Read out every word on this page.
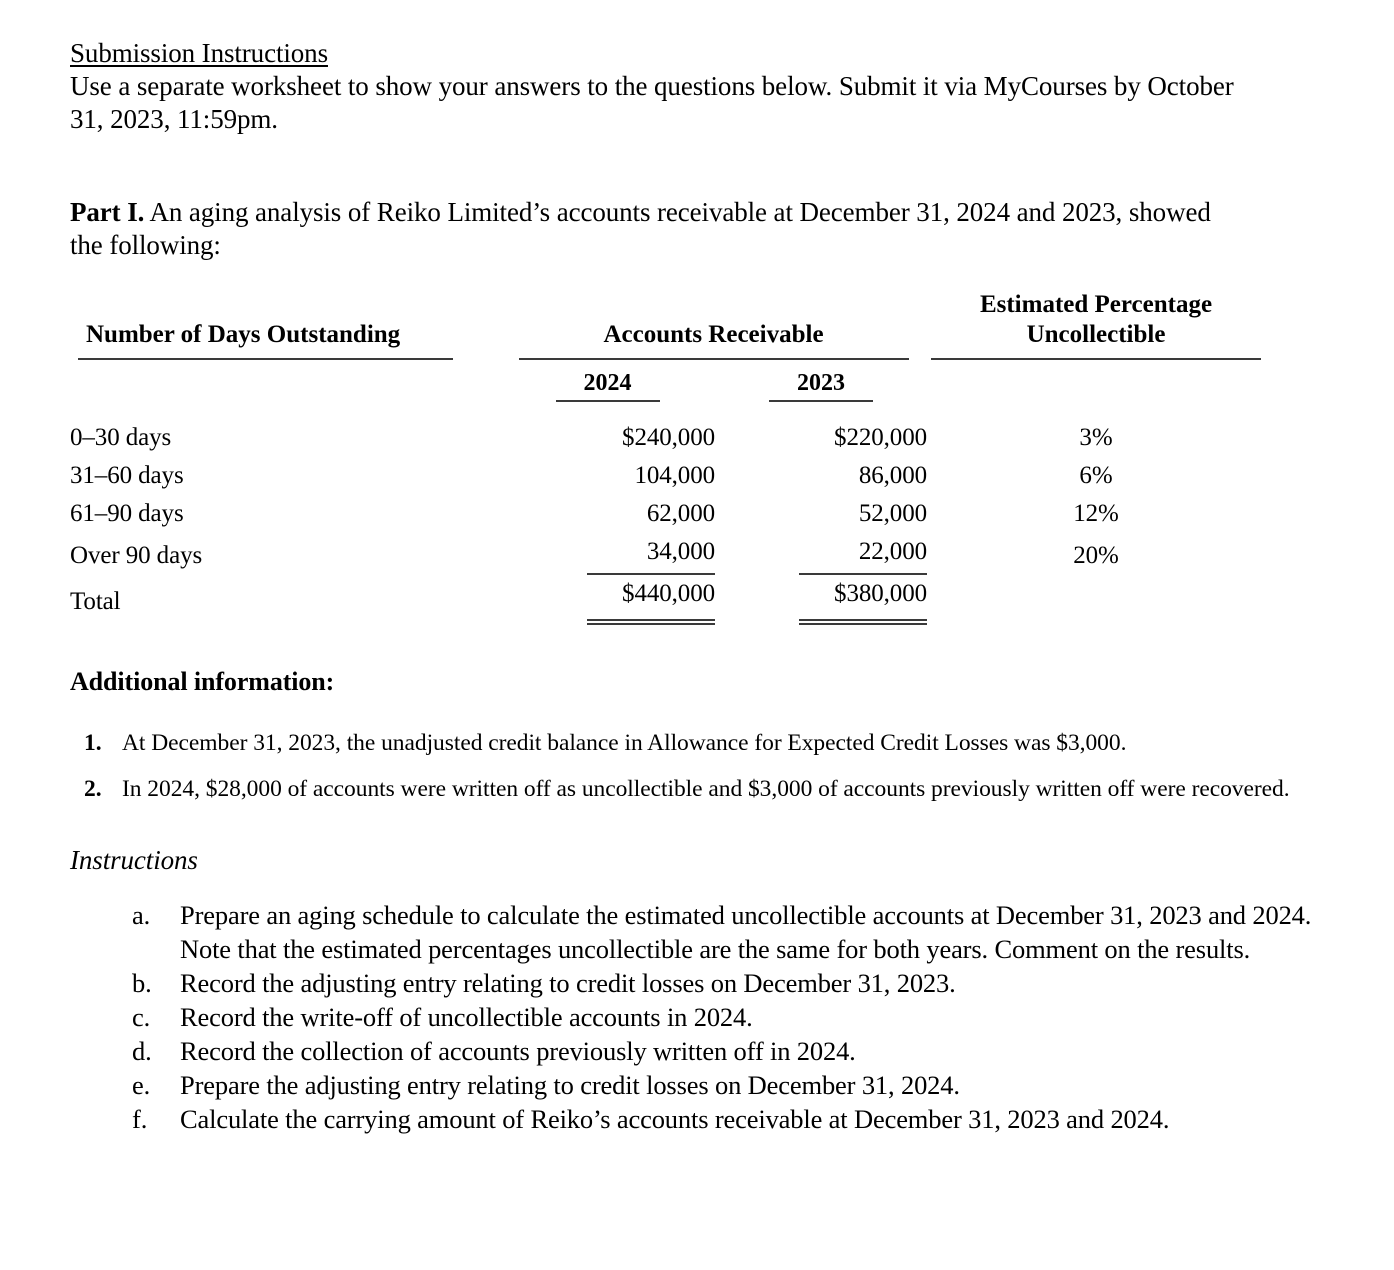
Submission Instructions
Use a separate worksheet to show your answers to the questions below. Submit it via MyCourses by October 31, 2023, 11:59pm.
Part I. An aging analysis of Reiko Limited’s accounts receivable at December 31, 2024 and 2023, showed the following:
Number of Days Outstanding	Accounts Receivable		Estimated Percentage
Uncollectible

	2024	2023

0–30 days	$240,000	$220,000	3%
31–60 days	104,000	86,000	6%
61–90 days	62,000	52,000	12%
Over 90 days	34,000	22,000	20%
Total	$440,000	$380,000	
Additional information:
At December 31, 2023, the unadjusted credit balance in Allowance for Expected Credit Losses was $3,000.
In 2024, $28,000 of accounts were written off as uncollectible and $3,000 of accounts previously written off were recovered.
Instructions
Prepare an aging schedule to calculate the estimated uncollectible accounts at December 31, 2023 and 2024. Note that the estimated percentages uncollectible are the same for both years. Comment on the results.
Record the adjusting entry relating to credit losses on December 31, 2023.
Record the write-off of uncollectible accounts in 2024.
Record the collection of accounts previously written off in 2024.
Prepare the adjusting entry relating to credit losses on December 31, 2024.
Calculate the carrying amount of Reiko’s accounts receivable at December 31, 2023 and 2024.
